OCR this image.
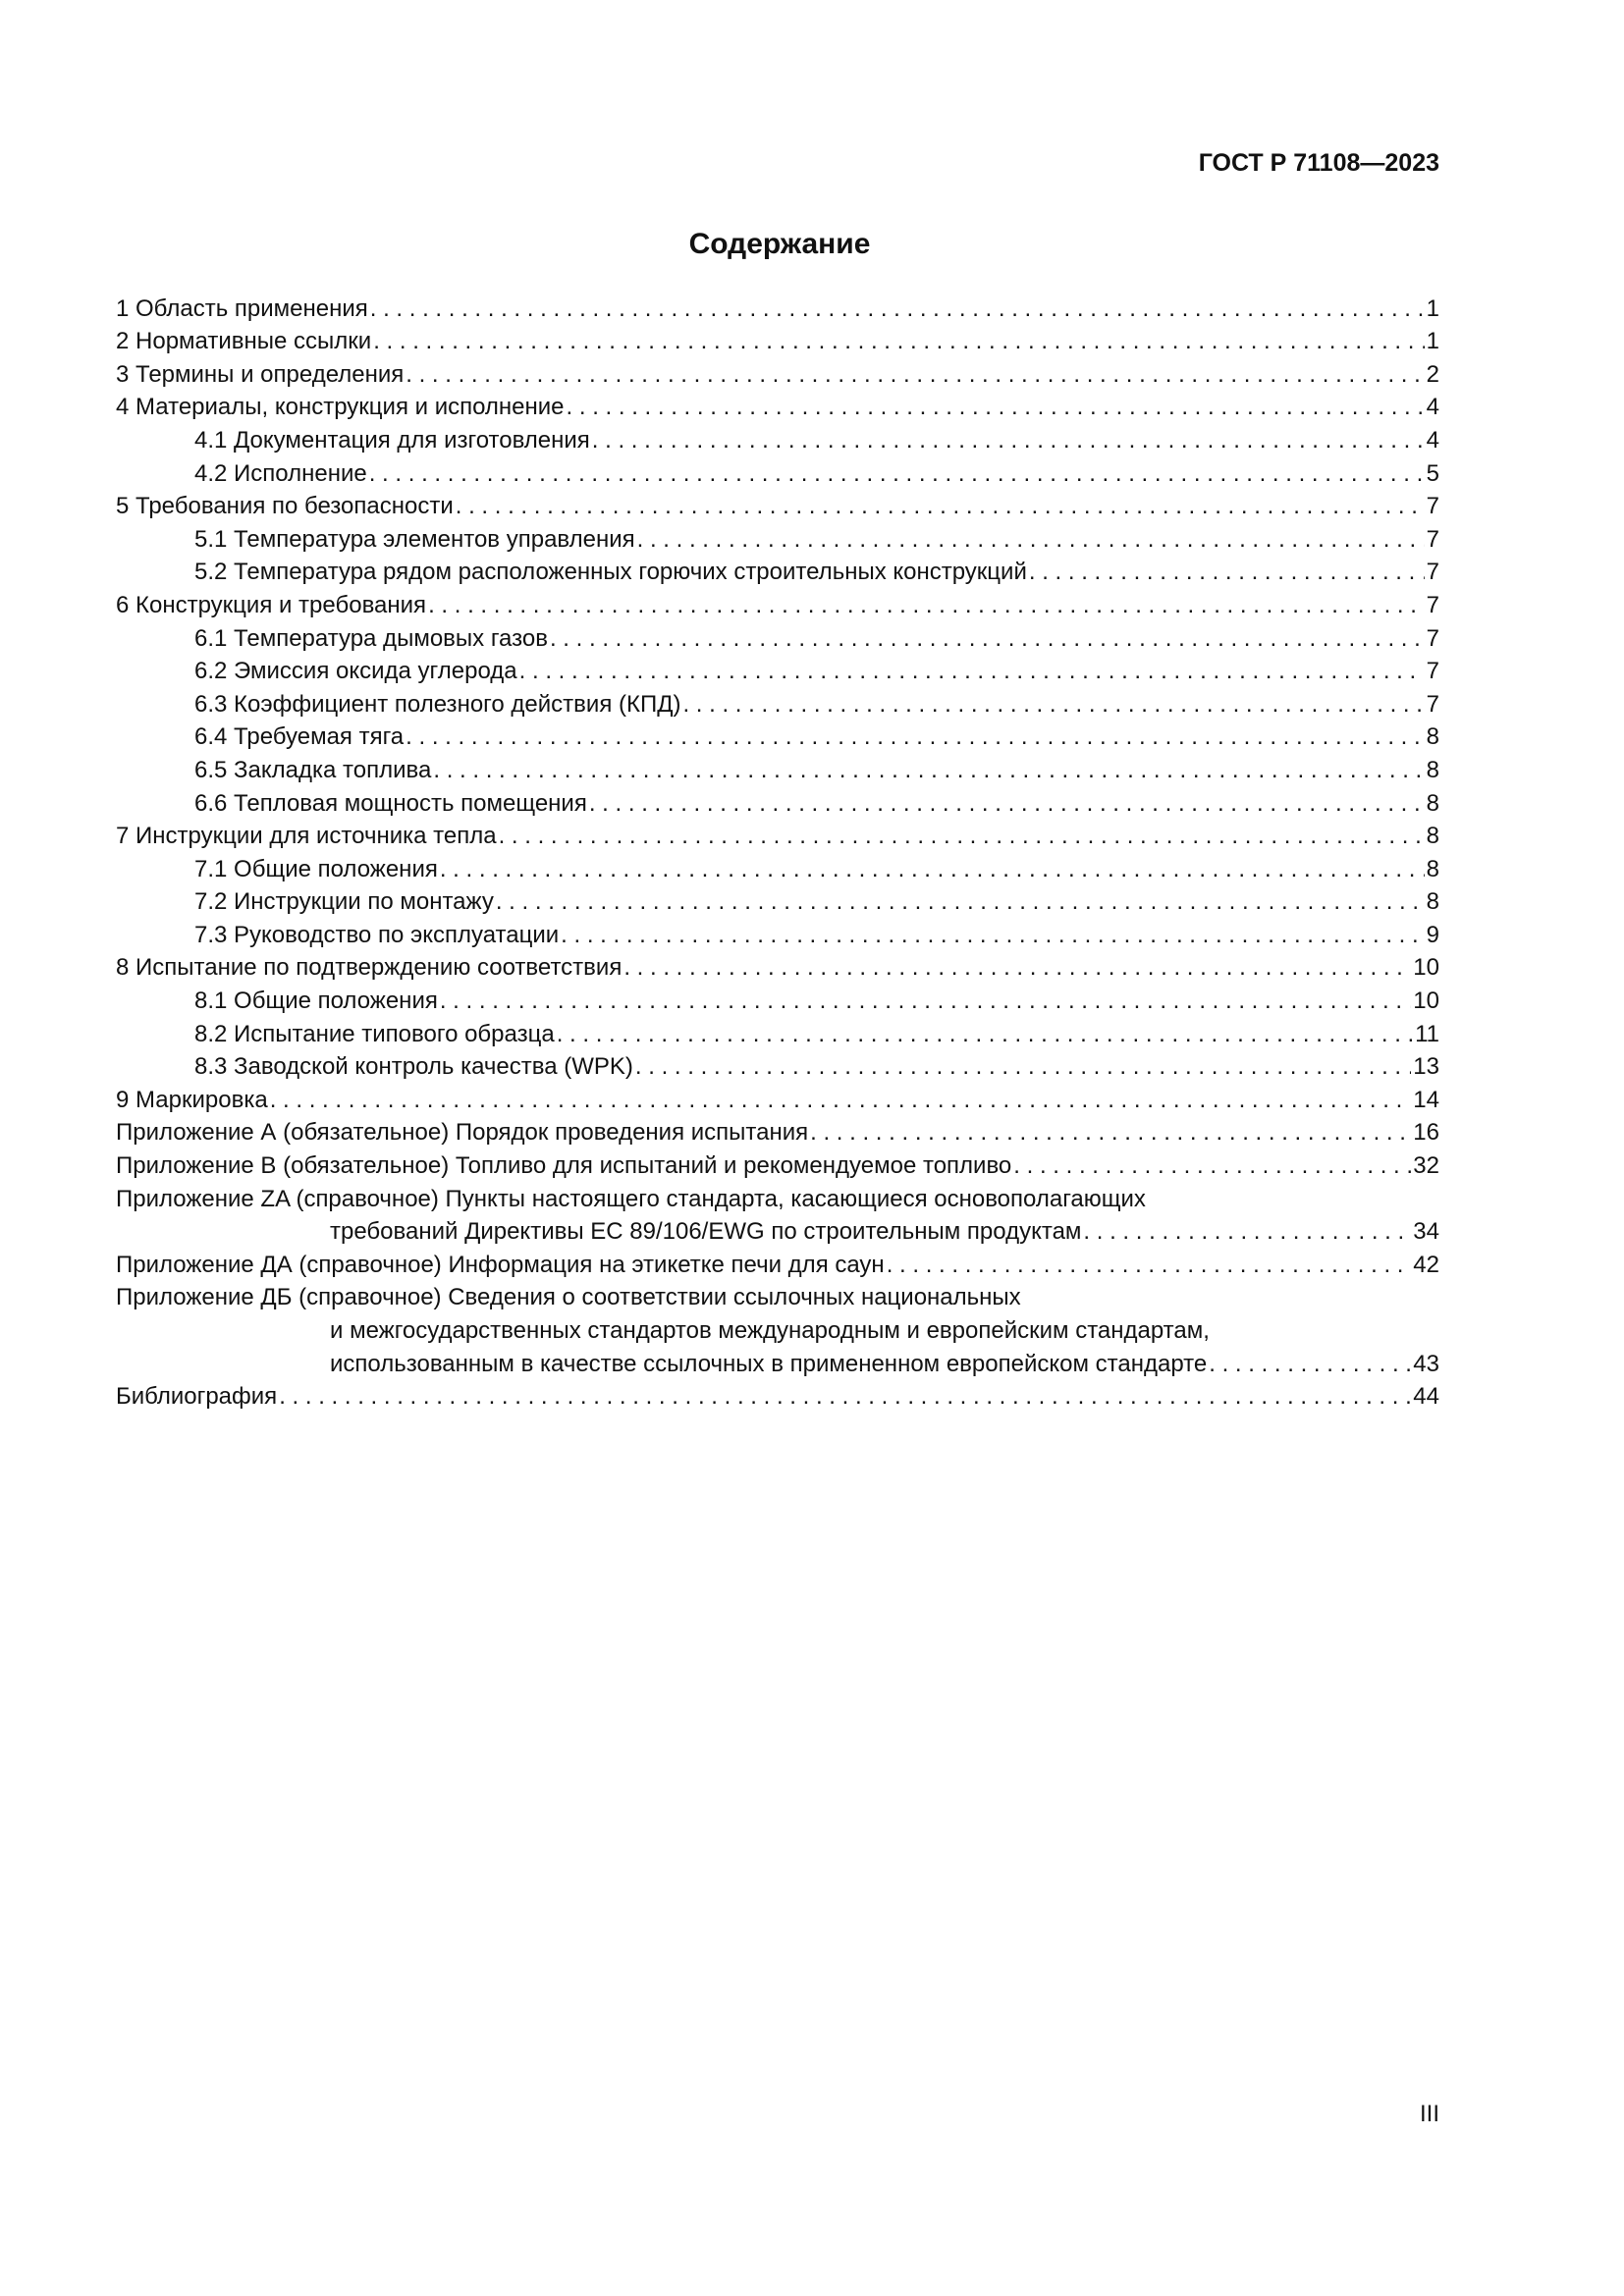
ГОСТ Р 71108—2023
Содержание
1 Область применения . . .	1
2 Нормативные ссылки . . .	1
3 Термины и определения . . .	2
4 Материалы, конструкция и исполнение . . .	4
4.1 Документация для изготовления . . .	4
4.2 Исполнение . . .	5
5 Требования по безопасности . . .	7
5.1 Температура элементов управления . . .	7
5.2 Температура рядом расположенных горючих строительных конструкций . . .	7
6 Конструкция и требования . . .	7
6.1 Температура дымовых газов . . .	7
6.2 Эмиссия оксида углерода . . .	7
6.3 Коэффициент полезного действия (КПД) . . .	7
6.4 Требуемая тяга . . .	8
6.5 Закладка топлива . . .	8
6.6 Тепловая мощность помещения . . .	8
7 Инструкции для источника тепла . . .	8
7.1 Общие положения . . .	8
7.2 Инструкции по монтажу . . .	8
7.3 Руководство по эксплуатации . . .	9
8 Испытание по подтверждению соответствия . . .	10
8.1 Общие положения . . .	10
8.2 Испытание типового образца . . .	11
8.3 Заводской контроль качества (WPK) . . .	13
9 Маркировка . . .	14
Приложение А (обязательное) Порядок проведения испытания . . .	16
Приложение В (обязательное) Топливо для испытаний и рекомендуемое топливо . . .	32
Приложение ZA (справочное) Пункты настоящего стандарта, касающиеся основополагающих
требований Директивы ЕС 89/106/EWG по строительным продуктам . . .	34
Приложение ДА (справочное) Информация на этикетке печи для саун . . .	42
Приложение ДБ (справочное) Сведения о соответствии ссылочных национальных
и межгосударственных стандартов международным и европейским стандартам,
использованным в качестве ссылочных в примененном европейском стандарте . . .	43
Библиография . . .	44
III
